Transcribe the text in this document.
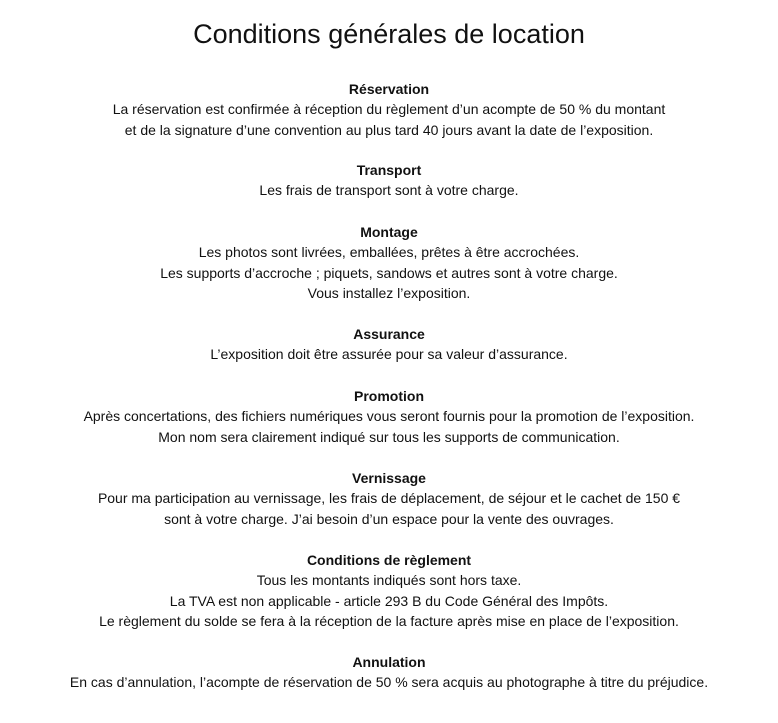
Conditions générales de location
Réservation
La réservation est confirmée à réception du règlement d’un acompte de 50 % du montant
et de la signature d’une convention au plus tard 40 jours avant la date de l’exposition.
Transport
Les frais de transport sont à votre charge.
Montage
Les photos sont livrées, emballées, prêtes à être accrochées.
Les supports d’accroche ; piquets, sandows et autres sont à votre charge.
Vous installez l’exposition.
Assurance
L’exposition doit être assurée pour sa valeur d’assurance.
Promotion
Après concertations, des fichiers numériques vous seront fournis pour la promotion de l’exposition.
Mon nom sera clairement indiqué sur tous les supports de communication.
Vernissage
Pour ma participation au vernissage, les frais de déplacement, de séjour et le cachet de 150 €
sont à votre charge. J’ai besoin d’un espace pour la vente des ouvrages.
Conditions de règlement
Tous les montants indiqués sont hors taxe.
La TVA est non applicable - article 293 B du Code Général des Impôts.
Le règlement du solde se fera à la réception de la facture après mise en place de l’exposition.
Annulation
En cas d’annulation, l’acompte de réservation de 50 % sera acquis au photographe à titre du préjudice.
